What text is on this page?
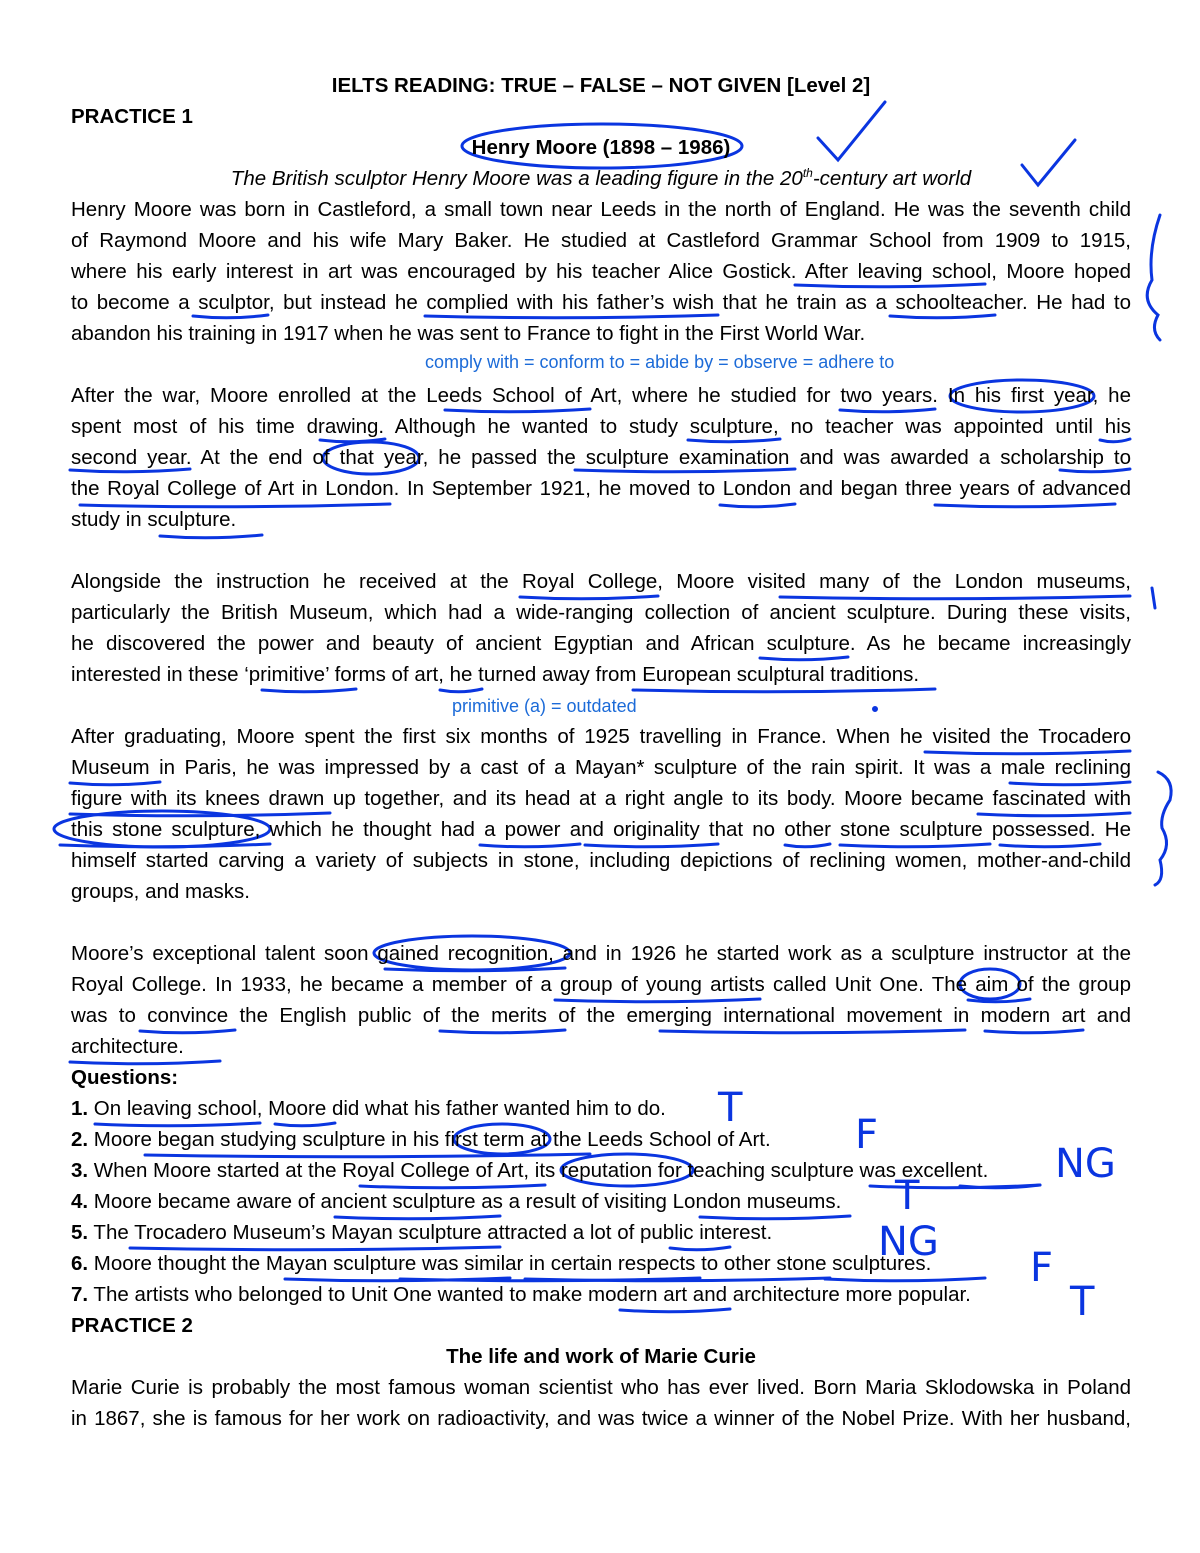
IELTS READING: TRUE – FALSE – NOT GIVEN [Level 2]
PRACTICE 1
Henry Moore (1898 – 1986)
The British sculptor Henry Moore was a leading figure in the 20th-century art world
Henry Moore was born in Castleford, a small town near Leeds in the north of England. He was the seventh child
of Raymond Moore and his wife Mary Baker. He studied at Castleford Grammar School from 1909 to 1915,
where his early interest in art was encouraged by his teacher Alice Gostick. After leaving school, Moore hoped
to become a sculptor, but instead he complied with his father’s wish that he train as a schoolteacher. He had to
abandon his training in 1917 when he was sent to France to fight in the First World War.
comply with = conform to = abide by = observe = adhere to
After the war, Moore enrolled at the Leeds School of Art, where he studied for two years. In his first year, he
spent most of his time drawing. Although he wanted to study sculpture, no teacher was appointed until his
second year. At the end of that year, he passed the sculpture examination and was awarded a scholarship to
the Royal College of Art in London. In September 1921, he moved to London and began three years of advanced
study in sculpture.
Alongside the instruction he received at the Royal College, Moore visited many of the London museums,
particularly the British Museum, which had a wide-ranging collection of ancient sculpture. During these visits,
he discovered the power and beauty of ancient Egyptian and African sculpture. As he became increasingly
interested in these ‘primitive’ forms of art, he turned away from European sculptural traditions.
primitive (a) = outdated
After graduating, Moore spent the first six months of 1925 travelling in France. When he visited the Trocadero
Museum in Paris, he was impressed by a cast of a Mayan* sculpture of the rain spirit. It was a male reclining
figure with its knees drawn up together, and its head at a right angle to its body. Moore became fascinated with
this stone sculpture, which he thought had a power and originality that no other stone sculpture possessed. He
himself started carving a variety of subjects in stone, including depictions of reclining women, mother-and-child
groups, and masks.
Moore’s exceptional talent soon gained recognition, and in 1926 he started work as a sculpture instructor at the
Royal College. In 1933, he became a member of a group of young artists called Unit One. The aim of the group
was to convince the English public of the merits of the emerging international movement in modern art and
architecture.
Questions:
1. On leaving school, Moore did what his father wanted him to do.
2. Moore began studying sculpture in his first term at the Leeds School of Art.
3. When Moore started at the Royal College of Art, its reputation for teaching sculpture was excellent.
4. Moore became aware of ancient sculpture as a result of visiting London museums.
5. The Trocadero Museum’s Mayan sculpture attracted a lot of public interest.
6. Moore thought the Mayan sculpture was similar in certain respects to other stone sculptures.
7. The artists who belonged to Unit One wanted to make modern art and architecture more popular.
T
F
NG
T
NG
F
T
PRACTICE 2
The life and work of Marie Curie
Marie Curie is probably the most famous woman scientist who has ever lived. Born Maria Sklodowska in Poland
in 1867, she is famous for her work on radioactivity, and was twice a winner of the Nobel Prize. With her husband,
